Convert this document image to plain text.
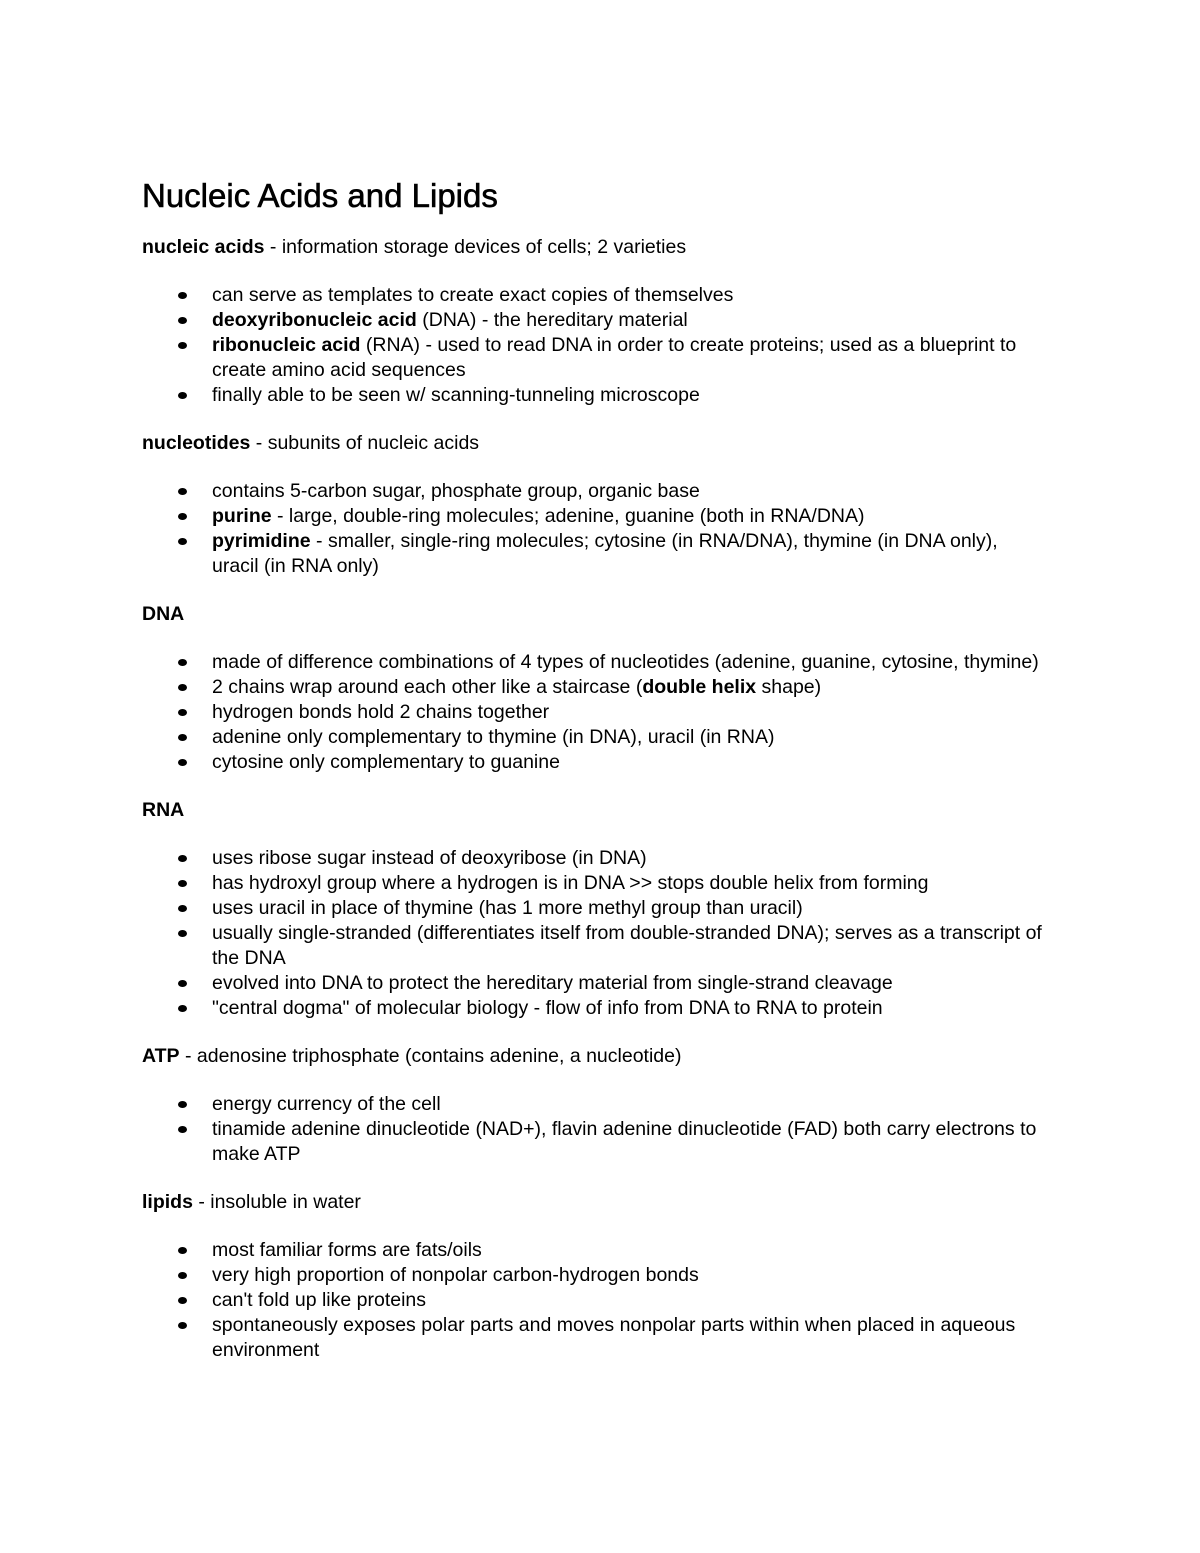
Nucleic Acids and Lipids

nucleic acids - information storage devices of cells; 2 varieties

can serve as templates to create exact copies of themselves
deoxyribonucleic acid (DNA) - the hereditary material
ribonucleic acid (RNA) - used to read DNA in order to create proteins; used as a blueprint to create amino acid sequences
finally able to be seen w/ scanning-tunneling microscope

nucleotides - subunits of nucleic acids

contains 5-carbon sugar, phosphate group, organic base
purine - large, double-ring molecules; adenine, guanine (both in RNA/DNA)
pyrimidine - smaller, single-ring molecules; cytosine (in RNA/DNA), thymine (in DNA only), uracil (in RNA only)

DNA

made of difference combinations of 4 types of nucleotides (adenine, guanine, cytosine, thymine)
2 chains wrap around each other like a staircase (double helix shape)
hydrogen bonds hold 2 chains together
adenine only complementary to thymine (in DNA), uracil (in RNA)
cytosine only complementary to guanine

RNA

uses ribose sugar instead of deoxyribose (in DNA)
has hydroxyl group where a hydrogen is in DNA >> stops double helix from forming
uses uracil in place of thymine (has 1 more methyl group than uracil)
usually single-stranded (differentiates itself from double-stranded DNA); serves as a transcript of the DNA
evolved into DNA to protect the hereditary material from single-strand cleavage
"central dogma" of molecular biology - flow of info from DNA to RNA to protein

ATP - adenosine triphosphate (contains adenine, a nucleotide)

energy currency of the cell
tinamide adenine dinucleotide (NAD+), flavin adenine dinucleotide (FAD) both carry electrons to make ATP

lipids - insoluble in water

most familiar forms are fats/oils
very high proportion of nonpolar carbon-hydrogen bonds
can't fold up like proteins
spontaneously exposes polar parts and moves nonpolar parts within when placed in aqueous environment
